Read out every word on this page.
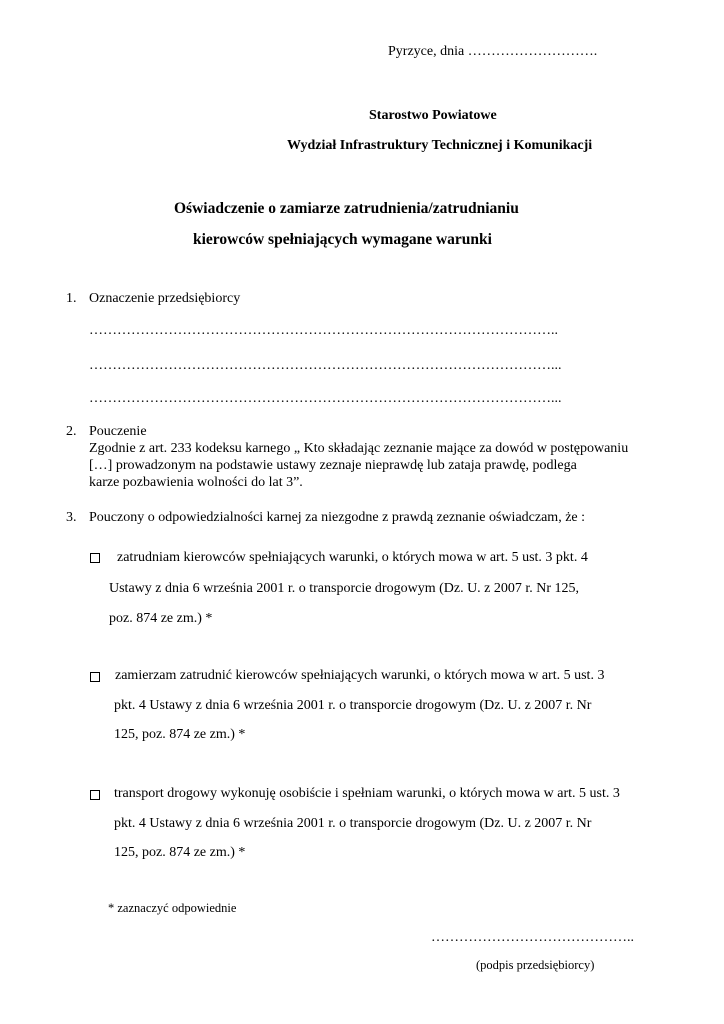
Pyrzyce, dnia ……………………….
Starostwo Powiatowe
Wydział Infrastruktury Technicznej i Komunikacji
Oświadczenie o zamiarze zatrudnienia/zatrudnianiu
kierowców spełniających wymagane warunki
1. Oznaczenie przedsiębiorcy
………………………………………………………………………………………..
………………………………………………………………………………………...
………………………………………………………………………………………...
2. Pouczenie
Zgodnie z art. 233 kodeksu karnego „ Kto składając zeznanie mające za dowód w postępowaniu
[…] prowadzonym na podstawie ustawy zeznaje nieprawdę lub zataja prawdę, podlega
karze pozbawienia wolności do lat 3”.
3. Pouczony o odpowiedzialności karnej za niezgodne z prawdą zeznanie oświadczam, że :
zatrudniam kierowców spełniających warunki, o których mowa w art. 5 ust. 3 pkt. 4
Ustawy z dnia 6 września 2001 r. o transporcie drogowym (Dz. U. z 2007 r. Nr 125,
poz. 874 ze zm.) *
zamierzam zatrudnić kierowców spełniających warunki, o których mowa w art. 5 ust. 3
pkt. 4 Ustawy z dnia 6 września 2001 r. o transporcie drogowym (Dz. U. z 2007 r. Nr
125, poz. 874 ze zm.) *
transport drogowy wykonuję osobiście i spełniam warunki, o których mowa w art. 5 ust. 3
pkt. 4 Ustawy z dnia 6 września 2001 r. o transporcie drogowym (Dz. U. z 2007 r. Nr
125, poz. 874 ze zm.) *
* zaznaczyć odpowiednie
……………………………………..
(podpis przedsiębiorcy)
